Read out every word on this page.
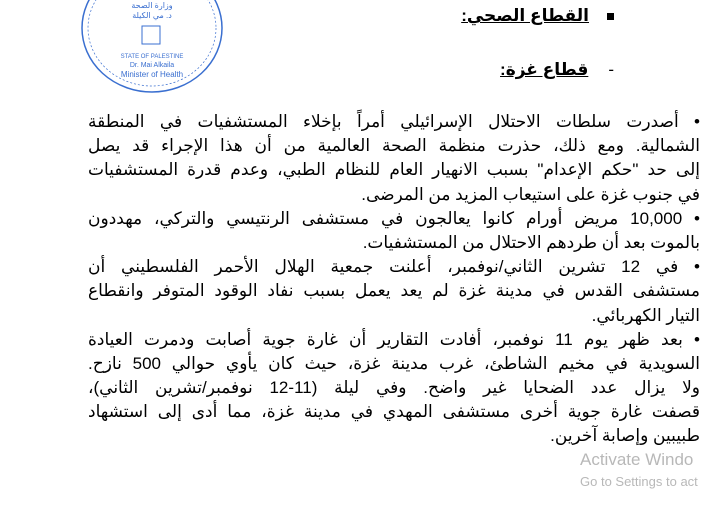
وزارة الصحة
د. مي الكيلة
STATE OF PALESTINE
Dr. Mai Alkaila
Minister of Health
القطاع الصحي:
-قطاع غزة:
• أصدرت سلطات الاحتلال الإسرائيلي أمراً بإخلاء المستشفيات في المنطقة
الشمالية. ومع ذلك، حذرت منظمة الصحة العالمية من أن هذا الإجراء قد يصل
إلى حد "حكم الإعدام" بسبب الانهيار العام للنظام الطبي، وعدم قدرة المستشفيات
في جنوب غزة على استيعاب المزيد من المرضى.
• 10,000 مريض أورام كانوا يعالجون في مستشفى الرنتيسي والتركي، مهددون
بالموت بعد أن طردهم الاحتلال من المستشفيات.
• في 12 تشرين الثاني/نوفمبر، أعلنت جمعية الهلال الأحمر الفلسطيني أن
مستشفى القدس في مدينة غزة لم يعد يعمل بسبب نفاد الوقود المتوفر وانقطاع
التيار الكهربائي.
• بعد ظهر يوم 11 نوفمبر، أفادت التقارير أن غارة جوية أصابت ودمرت العيادة
السويدية في مخيم الشاطئ، غرب مدينة غزة، حيث كان يأوي حوالي 500 نازح.
ولا يزال عدد الضحايا غير واضح. وفي ليلة (11-12 نوفمبر/تشرين الثاني)،
قصفت غارة جوية أخرى مستشفى المهدي في مدينة غزة، مما أدى إلى استشهاد
طبيبين وإصابة آخرين.
Activate Windo
Go to Settings to act
